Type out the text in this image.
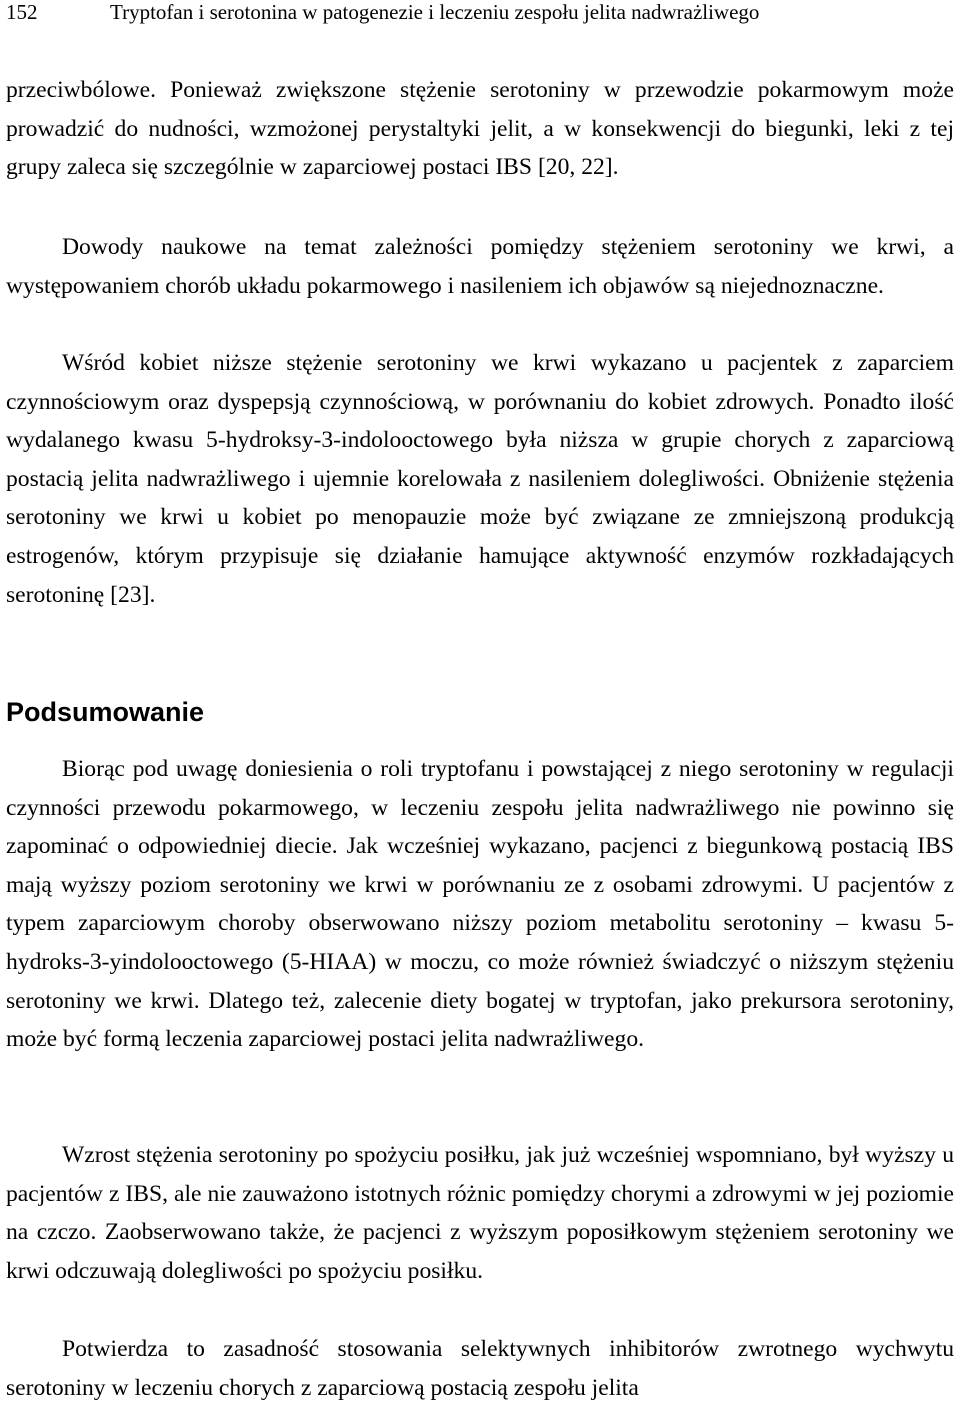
152	Tryptofan i serotonina w patogenezie i leczeniu zespołu jelita nadwrażliwego

przeciwbólowe. Ponieważ zwiększone stężenie serotoniny w przewodzie pokarmowym może prowadzić do nudności, wzmożonej perystaltyki jelit, a w konsekwencji do biegunki, leki z tej grupy zaleca się szczególnie w zaparciowej postaci IBS [20, 22].

Dowody naukowe na temat zależności pomiędzy stężeniem serotoniny we krwi, a występowaniem chorób układu pokarmowego i nasileniem ich objawów są niejednoznaczne.

Wśród kobiet niższe stężenie serotoniny we krwi wykazano u pacjentek z zaparciem czynnościowym oraz dyspepsją czynnościową, w porównaniu do kobiet zdrowych. Ponadto ilość wydalanego kwasu 5-hydroksy-3-indolooctowego była niższa w grupie chorych z zaparciową postacią jelita nadwrażliwego i ujemnie korelowała z nasileniem dolegliwości. Obniżenie stężenia serotoniny we krwi u kobiet po menopauzie może być związane ze zmniejszoną produkcją estrogenów, którym przypisuje się działanie hamujące aktywność enzymów rozkładających serotoninę [23].

Podsumowanie

Biorąc pod uwagę doniesienia o roli tryptofanu i powstającej z niego serotoniny w regulacji czynności przewodu pokarmowego, w leczeniu zespołu jelita nadwrażliwego nie powinno się zapominać o odpowiedniej diecie. Jak wcześniej wykazano, pacjenci z biegunkową postacią IBS mają wyższy poziom serotoniny we krwi w porównaniu ze z osobami zdrowymi. U pacjentów z typem zaparciowym choroby obserwowano niższy poziom metabolitu serotoniny – kwasu 5-hydroks-3-yindolooctowego (5-HIAA) w moczu, co może również świadczyć o niższym stężeniu serotoniny we krwi. Dlatego też, zalecenie diety bogatej w tryptofan, jako prekursora serotoniny, może być formą leczenia zaparciowej postaci jelita nadwrażliwego.

Wzrost stężenia serotoniny po spożyciu posiłku, jak już wcześniej wspomniano, był wyższy u pacjentów z IBS, ale nie zauważono istotnych różnic pomiędzy chorymi a zdrowymi w jej poziomie na czczo. Zaobserwowano także, że pacjenci z wyższym poposiłkowym stężeniem serotoniny we krwi odczuwają dolegliwości po spożyciu posiłku.

Potwierdza to zasadność stosowania selektywnych inhibitorów zwrotnego wychwytu serotoniny w leczeniu chorych z zaparciową postacią zespołu jelita
